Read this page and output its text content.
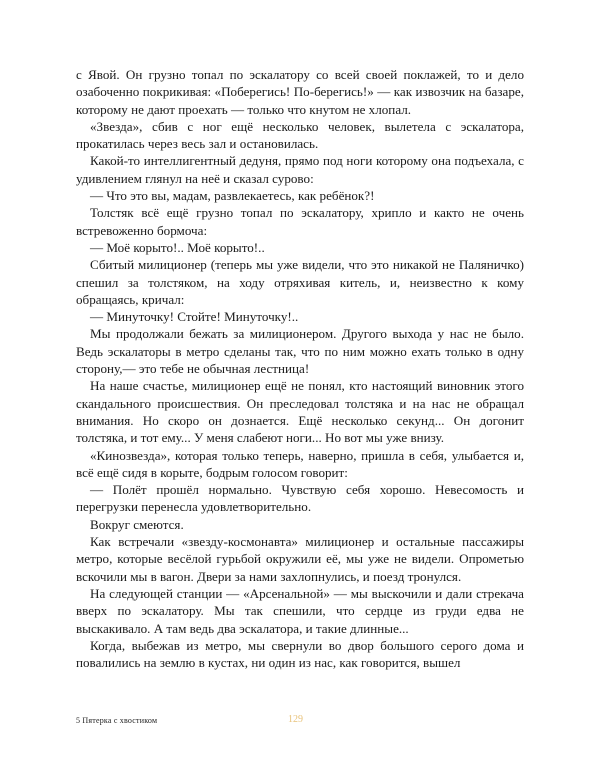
с Явой. Он грузно топал по эскалатору со всей своей поклажей, то и дело озабоченно покрикивая: «Поберегись! По-берегись!» — как извозчик на базаре, которому не дают проехать — только что кнутом не хлопал.

«Звезда», сбив с ног ещё несколько человек, вылетела с эскалатора, прокатилась через весь зал и остановилась.

Какой-то интеллигентный дедуня, прямо под ноги которому она подъехала, с удивлением глянул на неё и сказал сурово:

— Что это вы, мадам, развлекаетесь, как ребёнок?!

Толстяк всё ещё грузно топал по эскалатору, хрипло и както не очень встревоженно бормоча:

— Моё корыто!.. Моё корыто!..

Сбитый милиционер (теперь мы уже видели, что это никакой не Паляничко) спешил за толстяком, на ходу отряхивая китель, и, неизвестно к кому обращаясь, кричал:

— Минуточку! Стойте! Минуточку!..

Мы продолжали бежать за милиционером. Другого выхода у нас не было. Ведь эскалаторы в метро сделаны так, что по ним можно ехать только в одну сторону,— это тебе не обычная лестница!

На наше счастье, милиционер ещё не понял, кто настоящий виновник этого скандального происшествия. Он преследовал толстяка и на нас не обращал внимания. Но скоро он дознается. Ещё несколько секунд... Он догонит толстяка, и тот ему... У меня слабеют ноги... Но вот мы уже внизу.

«Кинозвезда», которая только теперь, наверно, пришла в себя, улыбается и, всё ещё сидя в корыте, бодрым голосом говорит:

— Полёт прошёл нормально. Чувствую себя хорошо. Невесомость и перегрузки перенесла удовлетворительно.

Вокруг смеются.

Как встречали «звезду-космонавта» милиционер и остальные пассажиры метро, которые весёлой гурьбой окружили её, мы уже не видели. Опрометью вскочили мы в вагон. Двери за нами захлопнулись, и поезд тронулся.

На следующей станции — «Арсенальной» — мы выскочили и дали стрекача вверх по эскалатору. Мы так спешили, что сердце из груди едва не выскакивало. А там ведь два эскалатора, и такие длинные...

Когда, выбежав из метро, мы свернули во двор большого серого дома и повалились на землю в кустах, ни один из нас, как говорится, вышел

5 Пятерка с хвостиком	129
